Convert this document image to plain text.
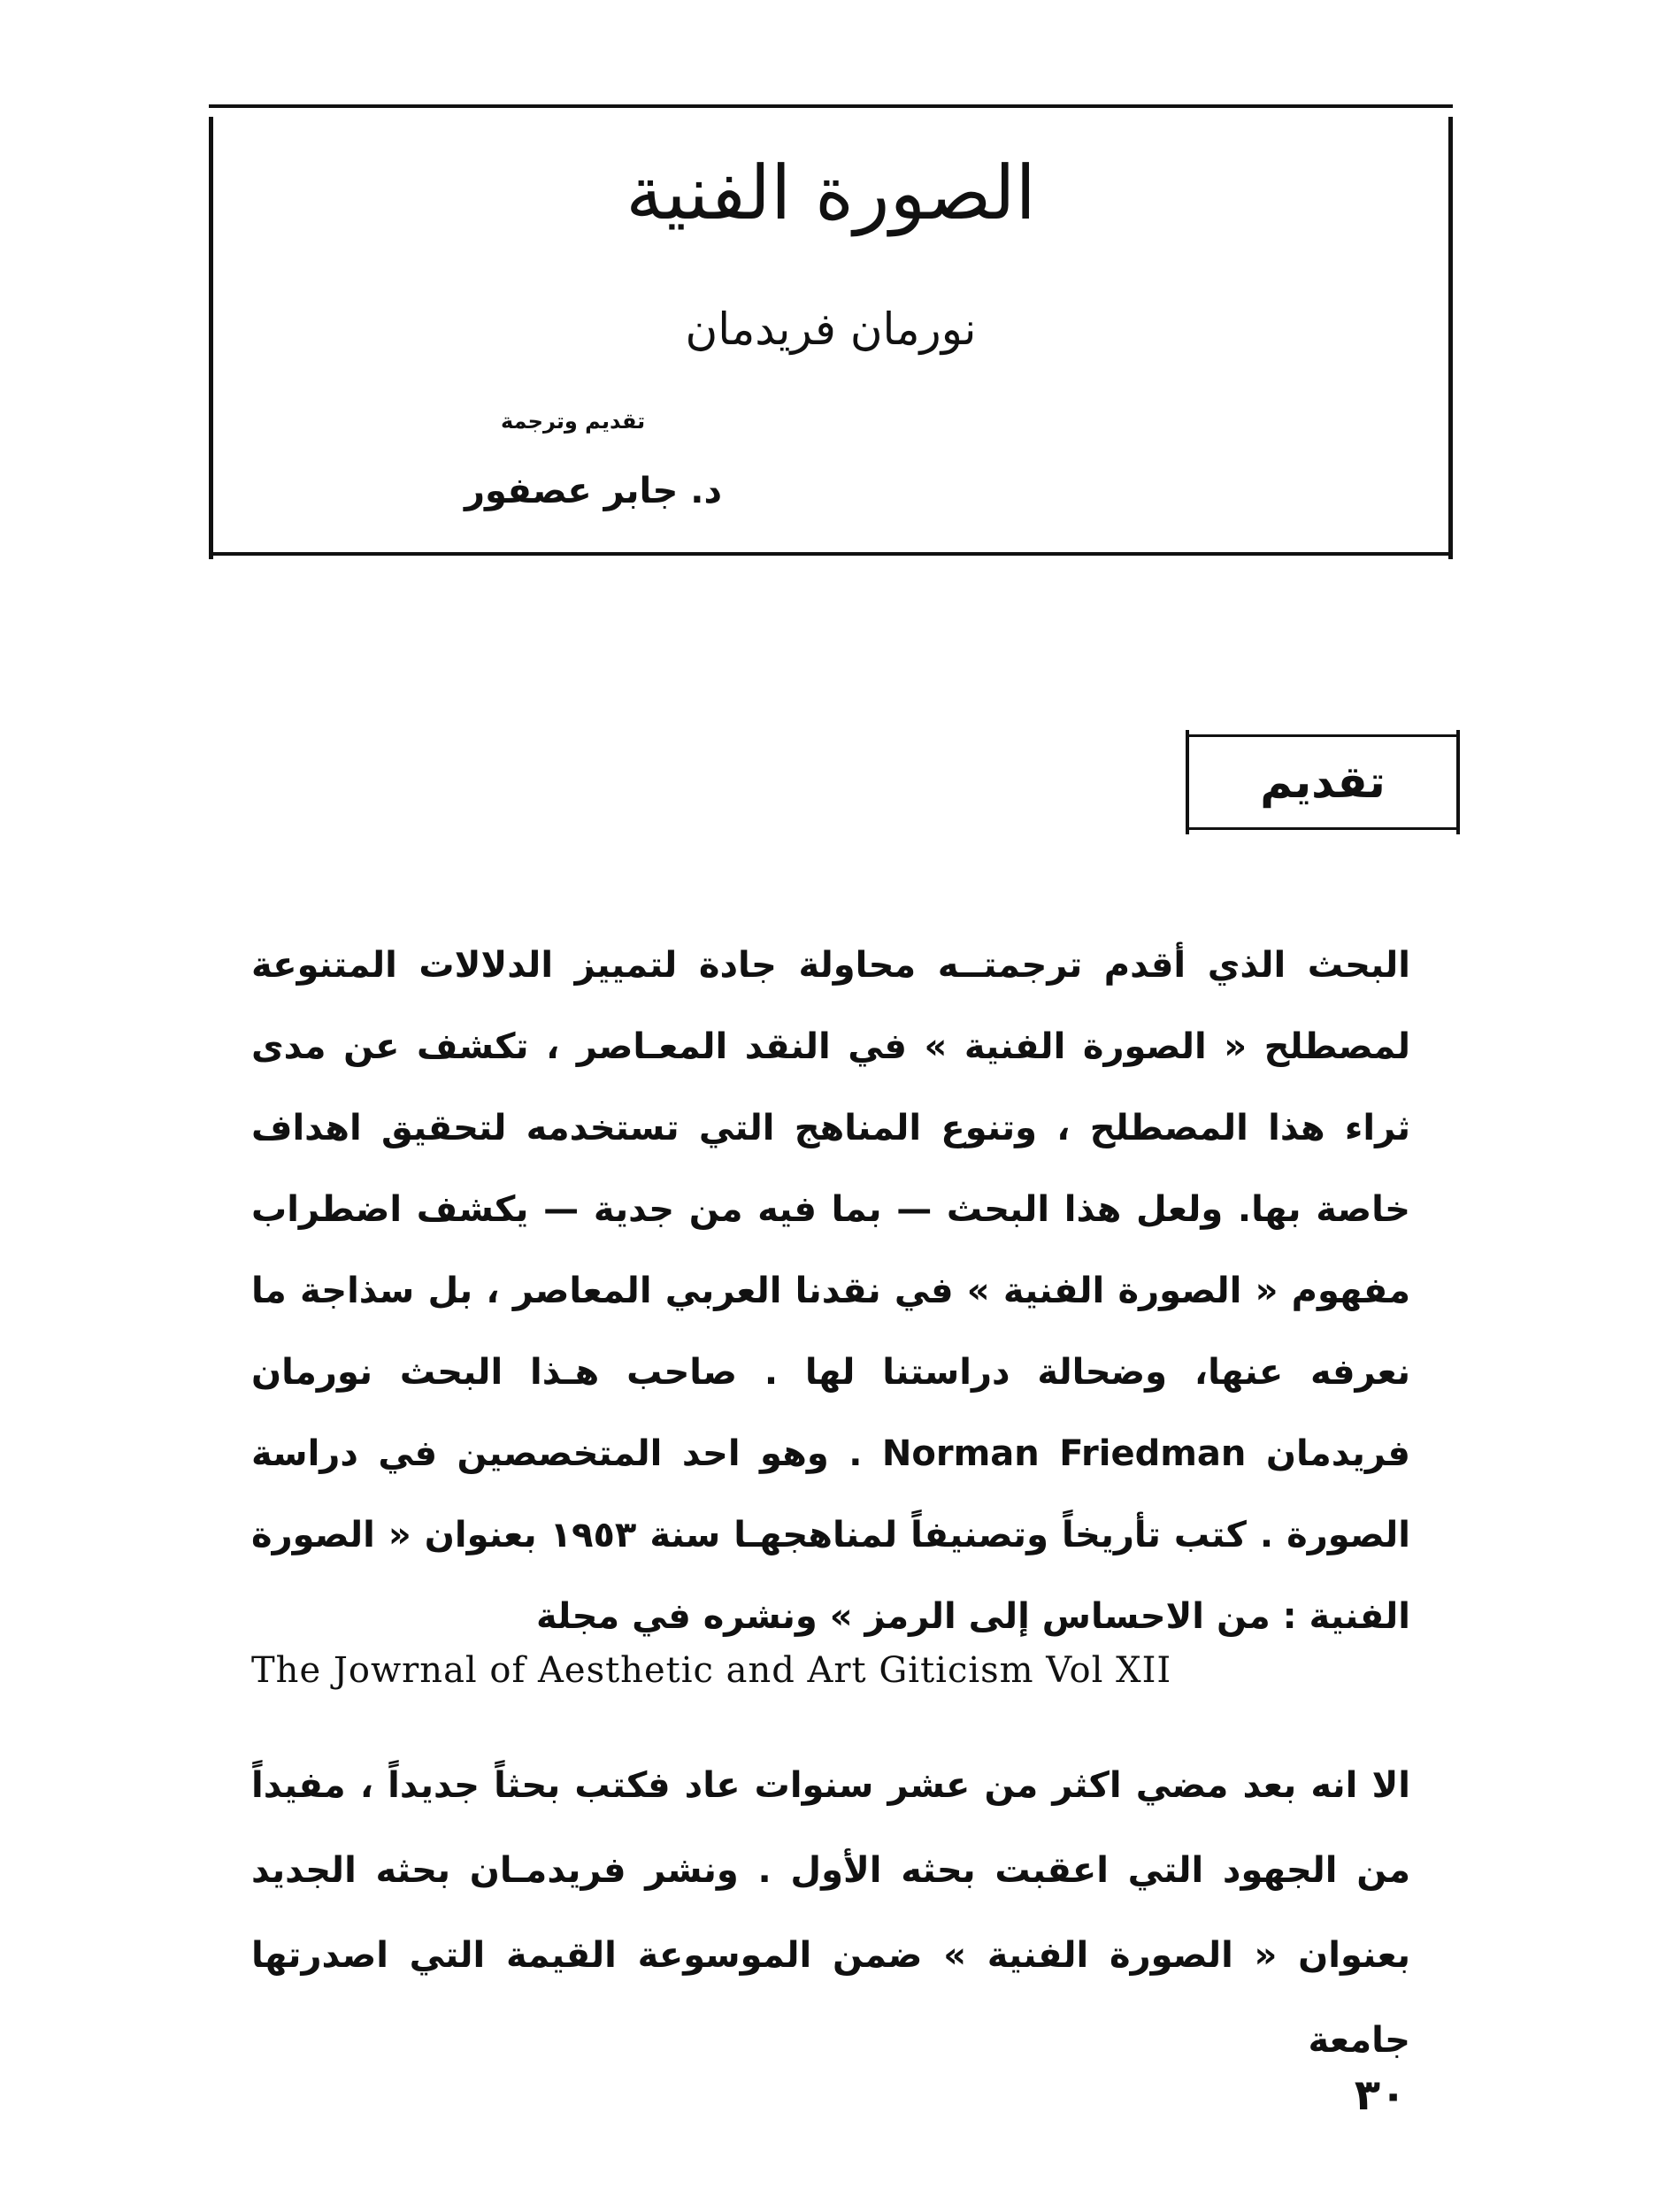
الصورة الفنية
نورمان فريدمان
تقديم وترجمة
د. جابر عصفور
تقديم
البحث الذي أقدم ترجمتــه محاولة جادة لتمييز الدلالات المتنوعة لمصطلح « الصورة الفنية » في النقد المعـاصر ، تكشف عن مدى ثراء هذا المصطلح ، وتنوع المناهج التي تستخدمه لتحقيق اهداف خاصة بها. ولعل هذا البحث — بما فيه من جدية — يكشف اضطراب مفهوم « الصورة الفنية » في نقدنا العربي المعاصر ، بل سذاجة ما نعرفه عنها، وضحالة دراستنا لها . صاحب هـذا البحث نورمان فريدمان Norman Friedman . وهو احد المتخصصين في دراسة الصورة . كتب تأريخاً وتصنيفاً لمناهجهـا سنة ١٩٥٣ بعنوان « الصورة الفنية : من الاحساس إلى الرمز » ونشره في مجلة
The Jowrnal of Aesthetic and Art Giticism Vol XII
الا انه بعد مضي اكثر من عشر سنوات عاد فكتب بحثاً جديداً ، مفيداً من الجهود التي اعقبت بحثه الأول . ونشر فريدمـان بحثه الجديد بعنوان « الصورة الفنية » ضمن الموسوعة القيمة التي اصدرتها جامعة
٣٠
